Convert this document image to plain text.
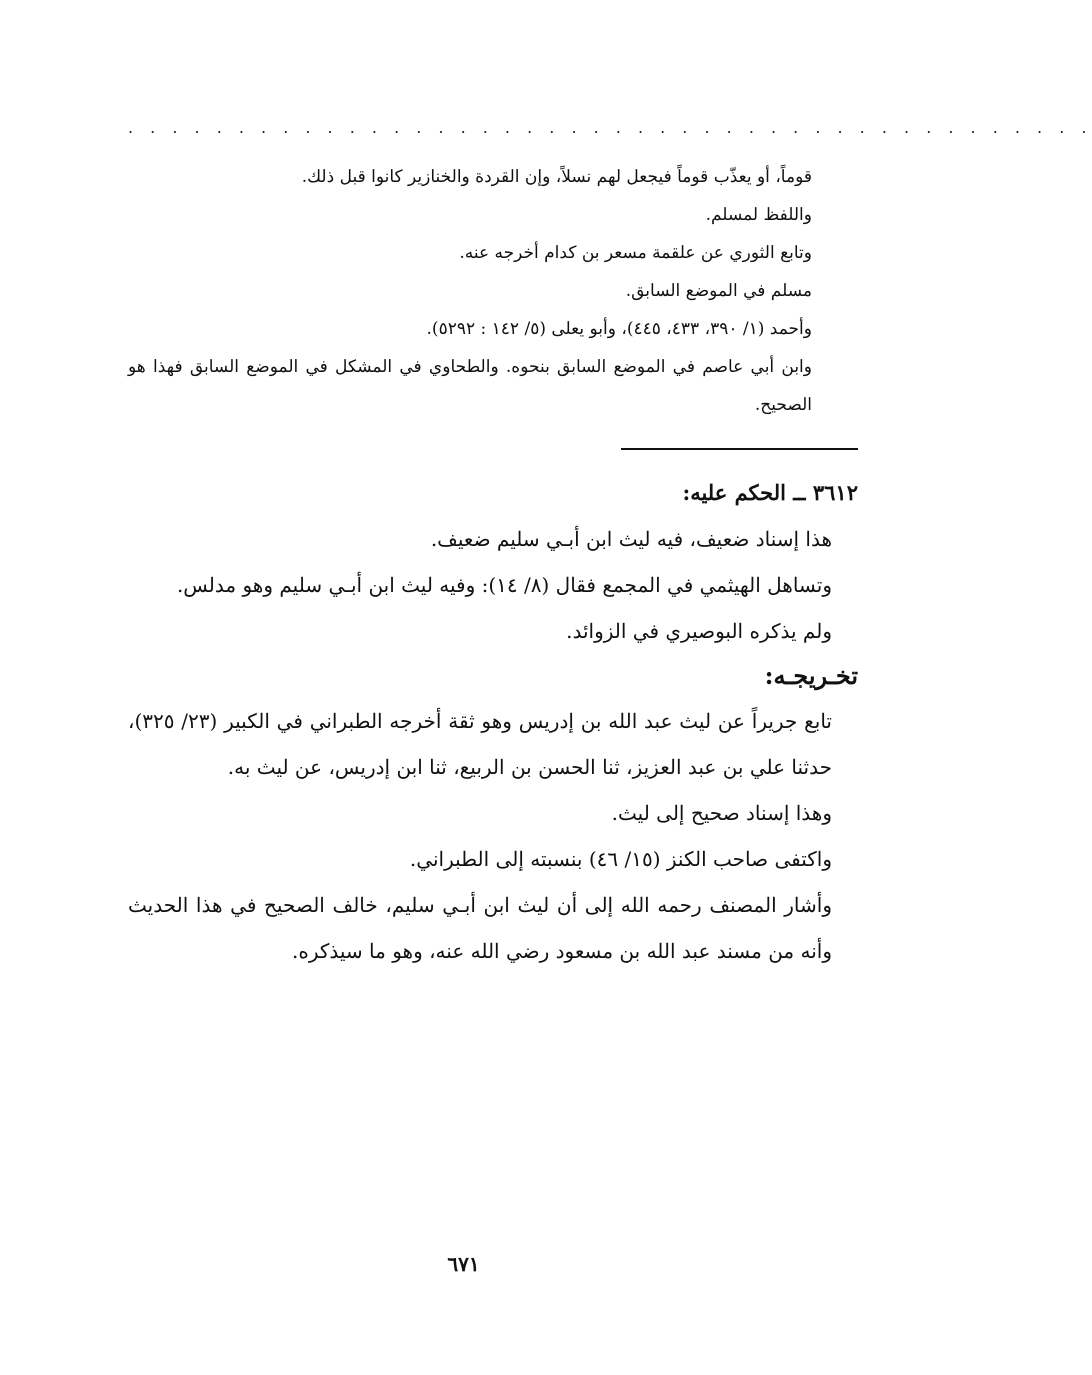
. . . . . . . . . . . . . . . . . . . . . . . . . . . . . . . . . . . . . . . . . . . .

قوماً، أو يعذّب قوماً فيجعل لهم نسلاً، وإن القردة والخنازير كانوا قبل ذلك.

واللفظ لمسلم.

وتابع الثوري عن علقمة مسعر بن كدام أخرجه عنه.

مسلم في الموضع السابق.

وأحمد (١/ ٣٩٠، ٤٣٣، ٤٤٥)، وأبو يعلى (٥/ ١٤٢ : ٥٢٩٢).

وابن أبي عاصم في الموضع السابق بنحوه. والطحاوي في المشكل في الموضع السابق فهذا هو الصحيح.

٣٦١٢ ــ الحكم عليه:

هذا إسناد ضعيف، فيه ليث ابن أبـي سليم ضعيف.

وتساهل الهيثمي في المجمع فقال (٨/ ١٤): وفيه ليث ابن أبـي سليم وهو مدلس.

ولم يذكره البوصيري في الزوائد.

تخـريجـه:

تابع جريراً عن ليث عبد الله بن إدريس وهو ثقة أخرجه الطبراني في الكبير (٢٣/ ٣٢٥)، حدثنا علي بن عبد العزيز، ثنا الحسن بن الربيع، ثنا ابن إدريس، عن ليث به.

وهذا إسناد صحيح إلى ليث.

واكتفى صاحب الكنز (١٥/ ٤٦) بنسبته إلى الطبراني.

وأشار المصنف رحمه الله إلى أن ليث ابن أبـي سليم، خالف الصحيح في هذا الحديث وأنه من مسند عبد الله بن مسعود رضي الله عنه، وهو ما سيذكره.

٦٧١
